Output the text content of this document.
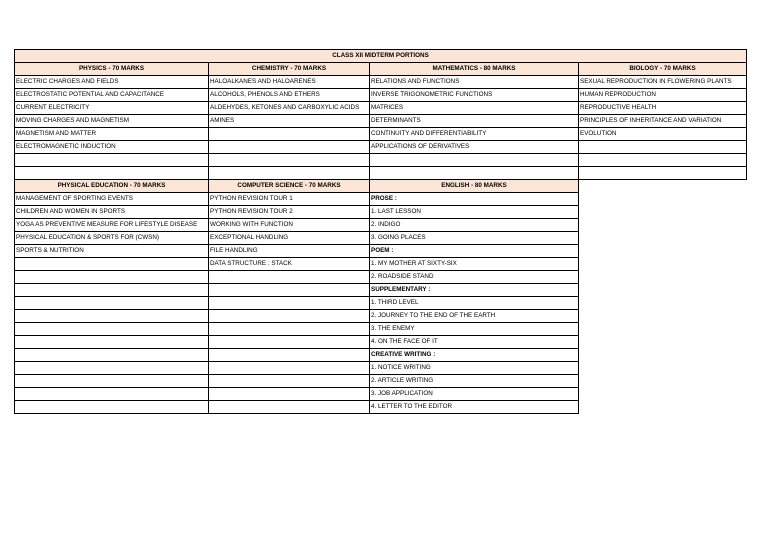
CLASS XII MIDTERM PORTIONS			
PHYSICS - 70 MARKS	CHEMISTRY - 70 MARKS	MATHEMATICS - 80 MARKS	BIOLOGY - 70 MARKS
ELECTRIC CHARGES AND FIELDS	HALOALKANES AND HALOARENES	RELATIONS AND FUNCTIONS	SEXUAL REPRODUCTION IN FLOWERING PLANTS
ELECTROSTATIC POTENTIAL AND CAPACITANCE	ALCOHOLS, PHENOLS AND ETHERS	INVERSE TRIGONOMETRIC FUNCTIONS	HUMAN REPRODUCTION
CURRENT ELECTRICITY	ALDEHYDES, KETONES AND CARBOXYLIC ACIDS	MATRICES	REPRODUCTIVE HEALTH
MOVING CHARGES AND MAGNETISM	AMINES	DETERMINANTS	PRINCIPLES OF INHERITANCE AND VARIATION
MAGNETISM AND MATTER		CONTINUITY AND DIFFERENTIABILITY	EVOLUTION
ELECTROMAGNETIC INDUCTION		APPLICATIONS OF DERIVATIVES	

PHYSICAL EDUCATION - 70 MARKS	COMPUTER SCIENCE - 70 MARKS	ENGLISH - 80 MARKS	
MANAGEMENT OF SPORTING EVENTS	PYTHON REVISION TOUR 1	PROSE :	
CHILDREN AND WOMEN IN SPORTS	PYTHON REVISION TOUR 2	1. LAST LESSON	
YOGA AS PREVENTIVE MEASURE FOR LIFESTYLE DISEASE	WORKING WITH FUNCTION	2. INDIGO	
PHYSICAL EDUCATION & SPORTS FOR (CWSN)	EXCEPTIONAL HANDLING	3. GOING PLACES	
SPORTS & NUTRITION	FILE HANDLING	POEM :	
	DATA STRUCTURE : STACK	1. MY MOTHER AT SIXTY-SIX	
		2. ROADSIDE STAND	
		SUPPLEMENTARY :	
		1. THIRD LEVEL	
		2. JOURNEY TO THE END OF THE EARTH	
		3. THE ENEMY	
		4. ON THE FACE OF IT	
		CREATIVE WRITING :	
		1. NOTICE WRITING	
		2. ARTICLE WRITING	
		3. JOB APPLICATION	
		4. LETTER TO THE EDITOR	
